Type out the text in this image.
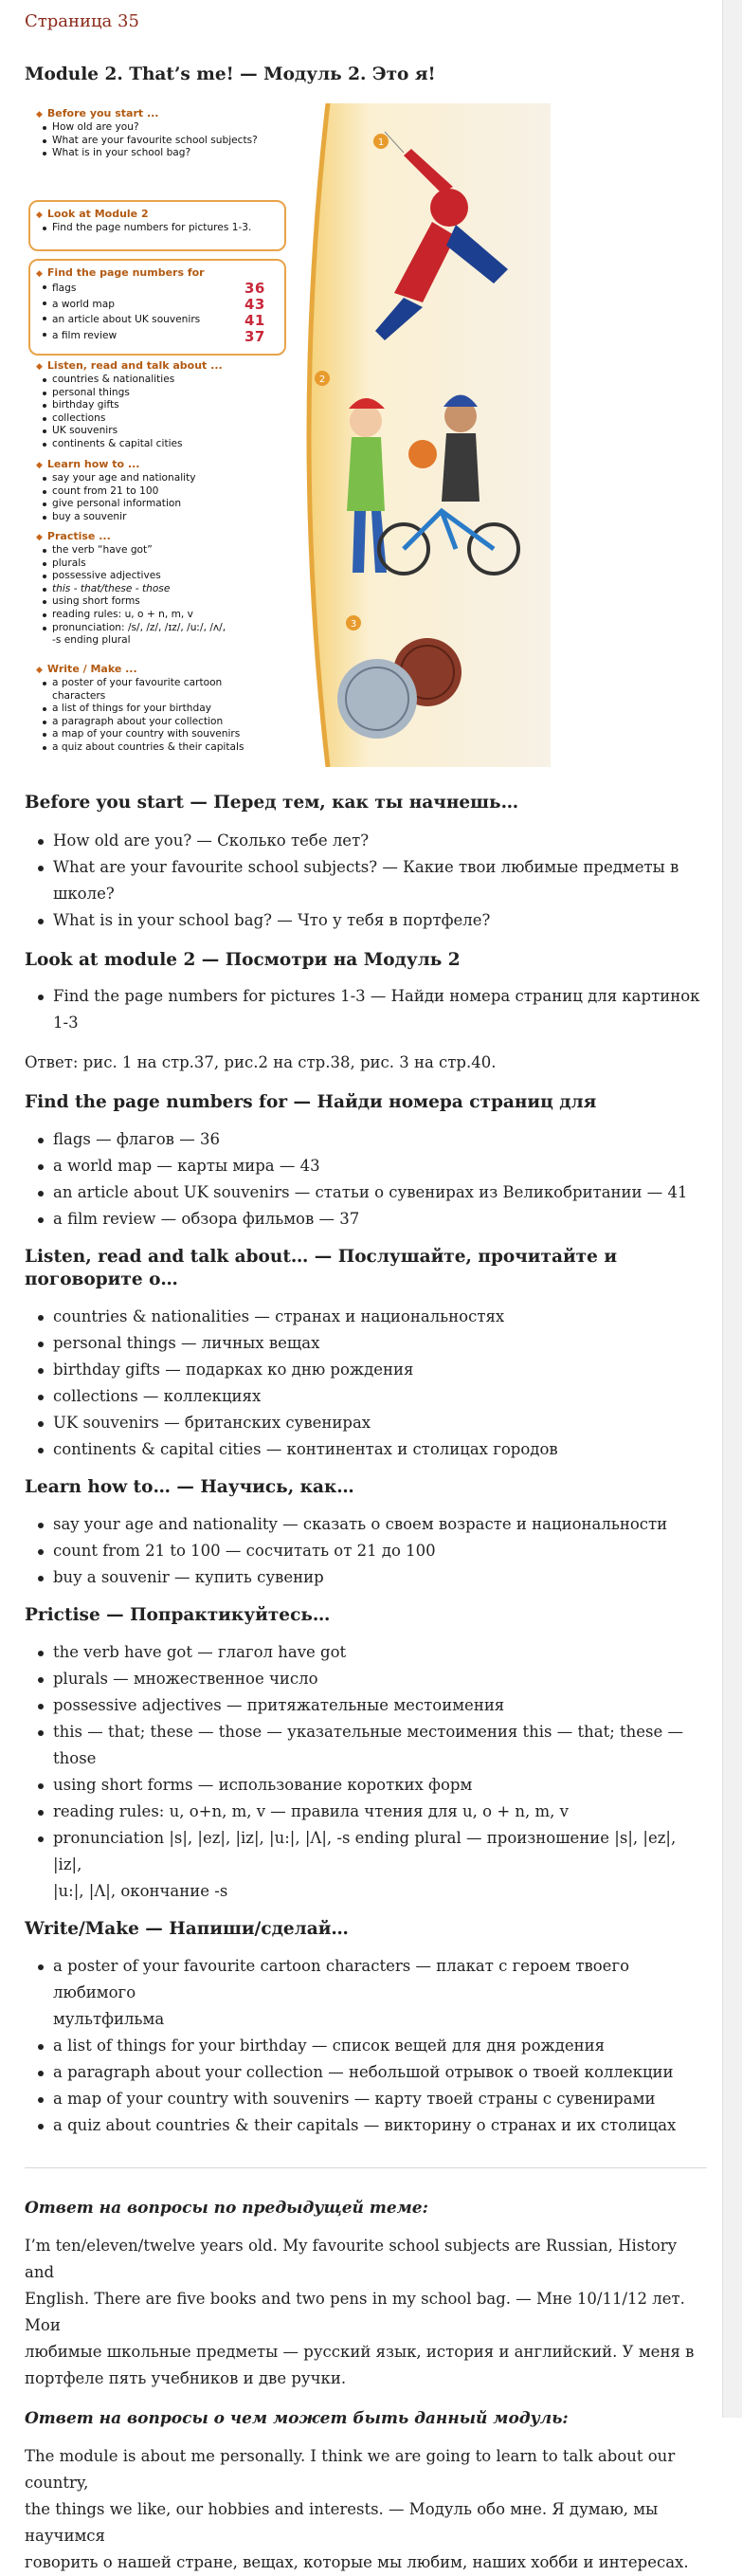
Страница 35
Module 2. That’s me! — Модуль 2. Это я!
◆ Before you start ...
How old are you?
What are your favourite school subjects?
What is in your school bag?
◆ Look at Module 2
Find the page numbers for pictures 1-3.
◆ Find the page numbers for
flags
a world map
an article about UK souvenirs
a film review
36
43
41
37
◆ Listen, read and talk about ...
countries & nationalities
personal things
birthday gifts
collections
UK souvenirs
continents & capital cities
◆ Learn how to ...
say your age and nationality
count from 21 to 100
give personal information
buy a souvenir
◆ Practise ...
the verb “have got”
plurals
possessive adjectives
this - that/these - those
using short forms
reading rules: u, o + n, m, v
pronunciation: /s/, /z/, /ɪz/, /uː/, /ʌ/,
-s ending plural
◆ Write / Make ...
a poster of your favourite cartoon
characters
a list of things for your birthday
a paragraph about your collection
a map of your country with souvenirs
a quiz about countries & their capitals
1
2
3
Before you start — Перед тем, как ты начнешь…
How old are you? — Сколько тебе лет?
What are your favourite school subjects? — Какие твои любимые предметы в
школе?
What is in your school bag? — Что у тебя в портфеле?
Look at module 2 — Посмотри на Модуль 2
Find the page numbers for pictures 1-3 — Найди номера страниц для картинок 1-3

Ответ: рис. 1 на стр.37, рис.2 на стр.38, рис. 3 на стр.40.

Find the page numbers for — Найди номера страниц для
flags — флагов — 36
a world map — карты мира — 43
an article about UK souvenirs — статьи о сувенирах из Великобритании — 41
a film review — обзора фильмов — 37
Listen, read and talk about… — Послушайте, прочитайте и поговорите о…
countries & nationalities — странах и национальностях
personal things — личных вещах
birthday gifts — подарках ко дню рождения
collections — коллекциях
UK souvenirs — британских сувенирах
continents & capital cities — континентах и столицах городов
Learn how to… — Научись, как…
say your age and nationality — сказать о своем возрасте и национальности
count from 21 to 100 — сосчитать от 21 до 100
buy a souvenir — купить сувенир
Prictise — Попрактикуйтесь…
the verb have got — глагол have got
plurals — множественное число
possessive adjectives — притяжательные местоимения
this — that; these — those — указательные местоимения this — that; these — those
using short forms — использование коротких форм
reading rules: u, o+n, m, v — правила чтения для u, o + n, m, v
pronunciation |s|, |ez|, |iz|, |u:|, |Λ|, -s ending plural — произношение |s|, |ez|, |iz|,
|u:|, |Λ|, окончание -s
Write/Make — Напиши/сделай…
a poster of your favourite cartoon characters — плакат с героем твоего любимого
мультфильма
a list of things for your birthday — список вещей для дня рождения
a paragraph about your collection — небольшой отрывок о твоей коллекции
a map of your country with souvenirs — карту твоей страны с сувенирами
a quiz about countries & their capitals — викторину о странах и их столицах
Ответ на вопросы по предыдущей теме:

I’m ten/eleven/twelve years old. My favourite school subjects are Russian, History and

English. There are five books and two pens in my school bag. — Мне 10/11/12 лет. Мои

любимые школьные предметы — русский язык, история и английский. У меня в

портфеле пять учебников и две ручки.

Ответ на вопросы о чем может быть данный модуль:

The module is about me personally. I think we are going to learn to talk about our country,

the things we like, our hobbies and interests. — Модуль обо мне. Я думаю, мы научимся

говорить о нашей стране, вещах, которые мы любим, наших хобби и интересах.
